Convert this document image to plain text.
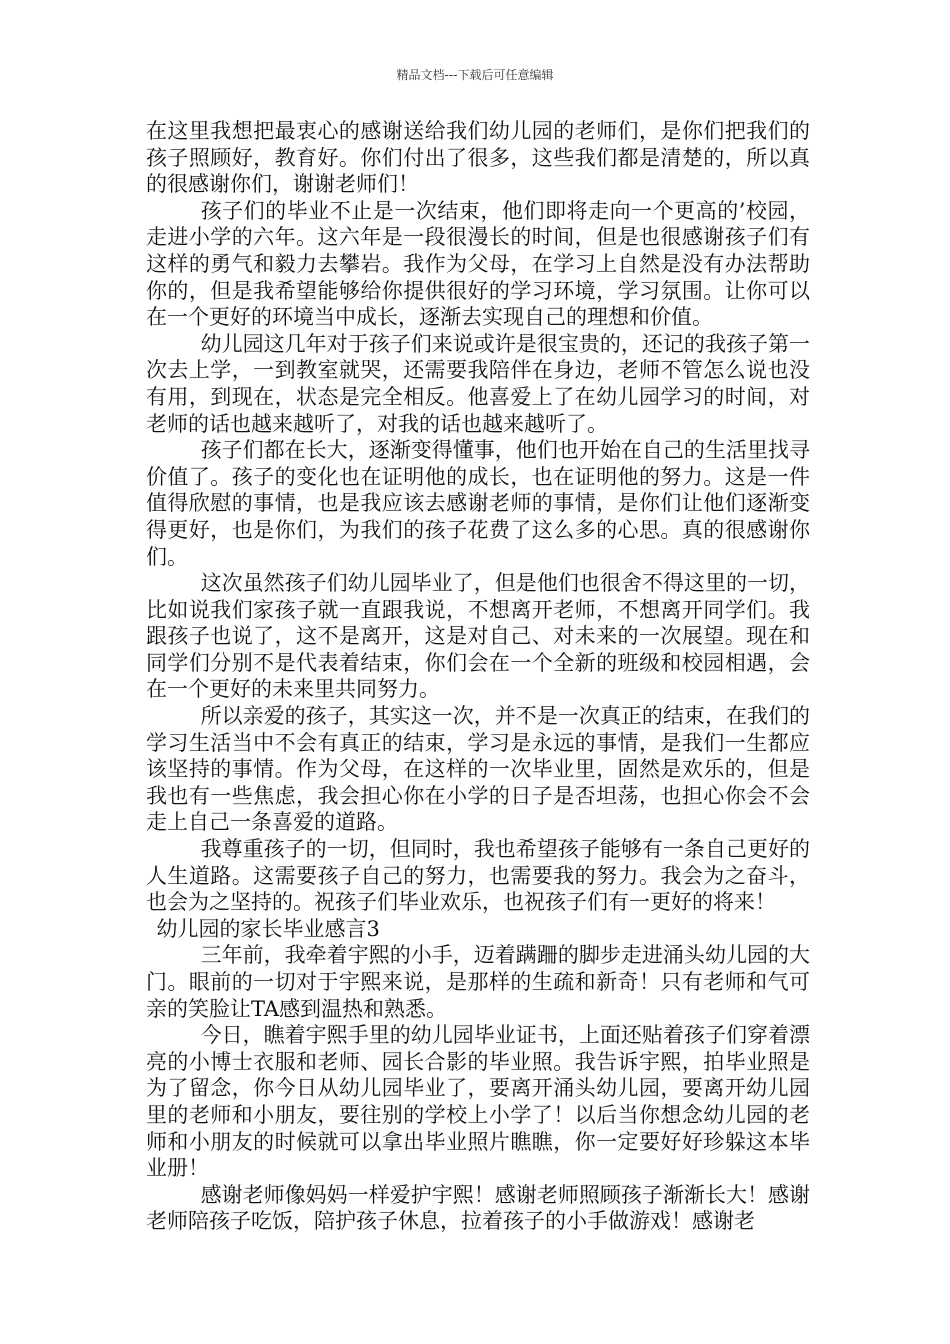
精品文档---下载后可任意编辑

在这里我想把最衷心的感谢送给我们幼儿园的老师们，是你们把我们的孩子照顾好，教育好。你们付出了很多，这些我们都是清楚的，所以真的很感谢你们，谢谢老师们！

孩子们的毕业不止是一次结束，他们即将走向一个更高的’校园，走进小学的六年。这六年是一段很漫长的时间，但是也很感谢孩子们有这样的勇气和毅力去攀岩。我作为父母，在学习上自然是没有办法帮助你的，但是我希望能够给你提供很好的学习环境，学习氛围。让你可以在一个更好的环境当中成长，逐渐去实现自己的理想和价值。

幼儿园这几年对于孩子们来说或许是很宝贵的，还记的我孩子第一次去上学，一到教室就哭，还需要我陪伴在身边，老师不管怎么说也没有用，到现在，状态是完全相反。他喜爱上了在幼儿园学习的时间，对老师的话也越来越听了，对我的话也越来越听了。

孩子们都在长大，逐渐变得懂事，他们也开始在自己的生活里找寻价值了。孩子的变化也在证明他的成长，也在证明他的努力。这是一件值得欣慰的事情，也是我应该去感谢老师的事情，是你们让他们逐渐变得更好，也是你们，为我们的孩子花费了这么多的心思。真的很感谢你们。

这次虽然孩子们幼儿园毕业了，但是他们也很舍不得这里的一切，比如说我们家孩子就一直跟我说，不想离开老师，不想离开同学们。我跟孩子也说了，这不是离开，这是对自己、对未来的一次展望。现在和同学们分别不是代表着结束，你们会在一个全新的班级和校园相遇，会在一个更好的未来里共同努力。

所以亲爱的孩子，其实这一次，并不是一次真正的结束，在我们的学习生活当中不会有真正的结束，学习是永远的事情，是我们一生都应该坚持的事情。作为父母，在这样的一次毕业里，固然是欢乐的，但是我也有一些焦虑，我会担心你在小学的日子是否坦荡，也担心你会不会走上自己一条喜爱的道路。

我尊重孩子的一切，但同时，我也希望孩子能够有一条自己更好的人生道路。这需要孩子自己的努力，也需要我的努力。我会为之奋斗，也会为之坚持的。祝孩子们毕业欢乐，也祝孩子们有一更好的将来！

幼儿园的家长毕业感言3

三年前，我牵着宇熙的小手，迈着蹒跚的脚步走进涌头幼儿园的大门。眼前的一切对于宇熙来说，是那样的生疏和新奇！只有老师和气可亲的笑脸让TA感到温热和熟悉。

今日，瞧着宇熙手里的幼儿园毕业证书，上面还贴着孩子们穿着漂亮的小博士衣服和老师、园长合影的毕业照。我告诉宇熙，拍毕业照是为了留念，你今日从幼儿园毕业了，要离开涌头幼儿园，要离开幼儿园里的老师和小朋友，要往别的学校上小学了！以后当你想念幼儿园的老师和小朋友的时候就可以拿出毕业照片瞧瞧，你一定要好好珍躲这本毕业册！

感谢老师像妈妈一样爱护宇熙！感谢老师照顾孩子渐渐长大！感谢老师陪孩子吃饭，陪护孩子休息，拉着孩子的小手做游戏！感谢老
